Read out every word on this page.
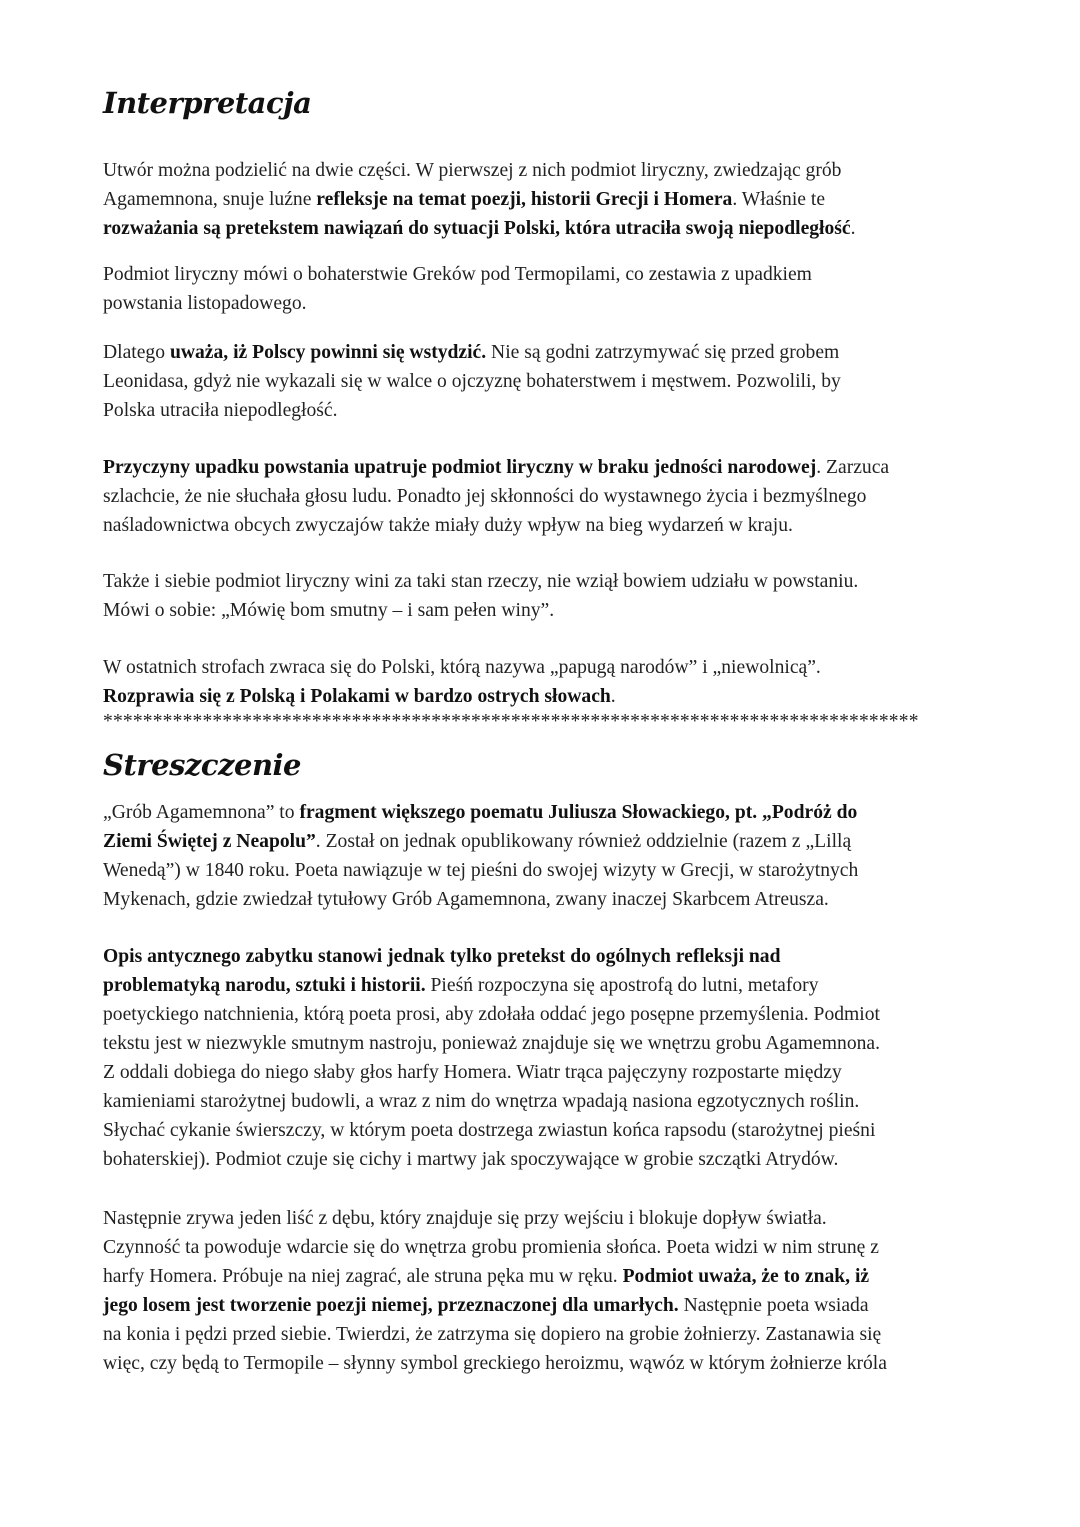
Interpretacja

Utwór można podzielić na dwie części. W pierwszej z nich podmiot liryczny, zwiedzając grób
Agamemnona, snuje luźne refleksje na temat poezji, historii Grecji i Homera. Właśnie te
rozważania są pretekstem nawiązań do sytuacji Polski, która utraciła swoją niepodległość.

Podmiot liryczny mówi o bohaterstwie Greków pod Termopilami, co zestawia z upadkiem
powstania listopadowego.

Dlatego uważa, iż Polscy powinni się wstydzić. Nie są godni zatrzymywać się przed grobem
Leonidasa, gdyż nie wykazali się w walce o ojczyznę bohaterstwem i męstwem. Pozwolili, by
Polska utraciła niepodległość.

Przyczyny upadku powstania upatruje podmiot liryczny w braku jedności narodowej. Zarzuca
szlachcie, że nie słuchała głosu ludu. Ponadto jej skłonności do wystawnego życia i bezmyślnego
naśladownictwa obcych zwyczajów także miały duży wpływ na bieg wydarzeń w kraju.

Także i siebie podmiot liryczny wini za taki stan rzeczy, nie wziął bowiem udziału w powstaniu.
Mówi o sobie: „Mówię bom smutny – i sam pełen winy”.

W ostatnich strofach zwraca się do Polski, którą nazywa „papugą narodów” i „niewolnicą”.
Rozprawia się z Polską i Polakami w bardzo ostrych słowach.

**********************************************************************************
Streszczenie

„Grób Agamemnona” to fragment większego poematu Juliusza Słowackiego, pt. „Podróż do
Ziemi Świętej z Neapolu”. Został on jednak opublikowany również oddzielnie (razem z „Lillą
Wenedą”) w 1840 roku. Poeta nawiązuje w tej pieśni do swojej wizyty w Grecji, w starożytnych
Mykenach, gdzie zwiedzał tytułowy Grób Agamemnona, zwany inaczej Skarbcem Atreusza.

Opis antycznego zabytku stanowi jednak tylko pretekst do ogólnych refleksji nad
problematyką narodu, sztuki i historii. Pieśń rozpoczyna się apostrofą do lutni, metafory
poetyckiego natchnienia, którą poeta prosi, aby zdołała oddać jego posępne przemyślenia. Podmiot
tekstu jest w niezwykle smutnym nastroju, ponieważ znajduje się we wnętrzu grobu Agamemnona.
Z oddali dobiega do niego słaby głos harfy Homera. Wiatr trąca pajęczyny rozpostarte między
kamieniami starożytnej budowli, a wraz z nim do wnętrza wpadają nasiona egzotycznych roślin.
Słychać cykanie świerszczy, w którym poeta dostrzega zwiastun końca rapsodu (starożytnej pieśni
bohaterskiej). Podmiot czuje się cichy i martwy jak spoczywające w grobie szczątki Atrydów.

Następnie zrywa jeden liść z dębu, który znajduje się przy wejściu i blokuje dopływ światła.
Czynność ta powoduje wdarcie się do wnętrza grobu promienia słońca. Poeta widzi w nim strunę z
harfy Homera. Próbuje na niej zagrać, ale struna pęka mu w ręku. Podmiot uważa, że to znak, iż
jego losem jest tworzenie poezji niemej, przeznaczonej dla umarłych. Następnie poeta wsiada
na konia i pędzi przed siebie. Twierdzi, że zatrzyma się dopiero na grobie żołnierzy. Zastanawia się
więc, czy będą to Termopile – słynny symbol greckiego heroizmu, wąwóz w którym żołnierze króla
